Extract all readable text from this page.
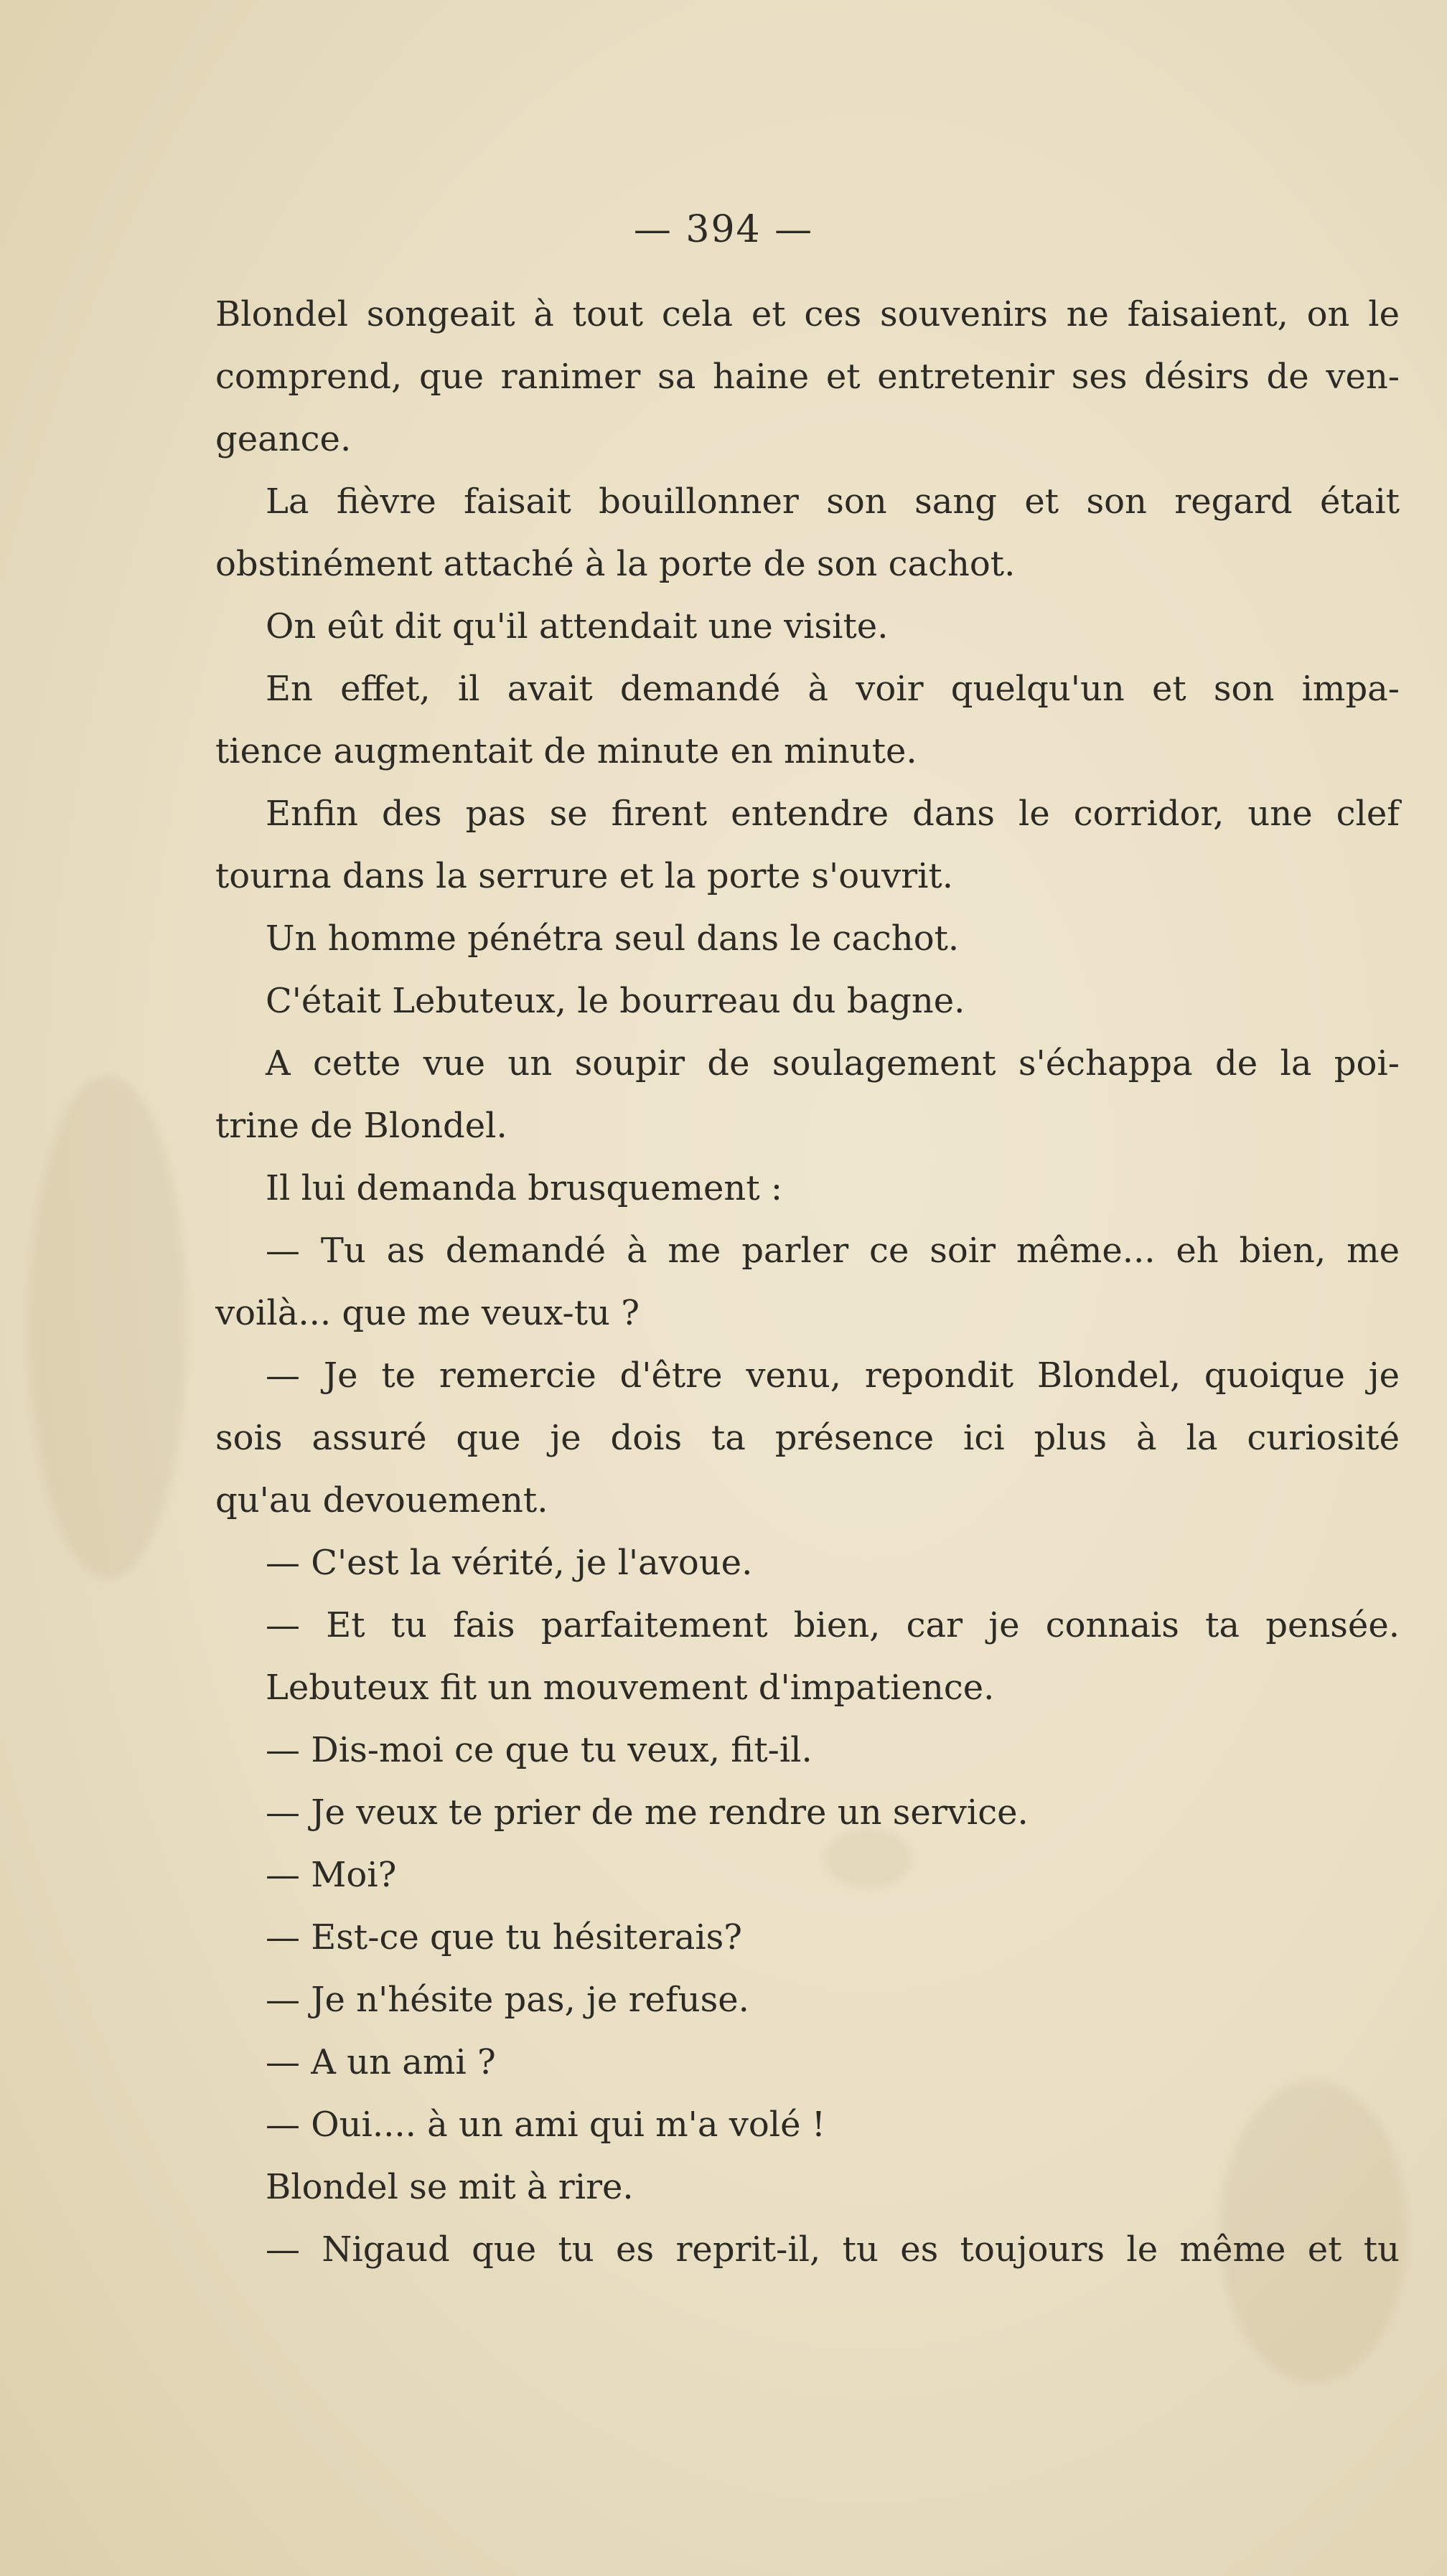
— 394 —
Blondel songeait à tout cela et ces souvenirs ne faisaient, on le
comprend, que ranimer sa haine et entretenir ses désirs de ven-
geance.
La fièvre faisait bouillonner son sang et son regard était
obstinément attaché à la porte de son cachot.
On eût dit qu'il attendait une visite.
En effet, il avait demandé à voir quelqu'un et son impa-
tience augmentait de minute en minute.
Enfin des pas se firent entendre dans le corridor, une clef
tourna dans la serrure et la porte s'ouvrit.
Un homme pénétra seul dans le cachot.
C'était Lebuteux, le bourreau du bagne.
A cette vue un soupir de soulagement s'échappa de la poi-
trine de Blondel.
Il lui demanda brusquement :
— Tu as demandé à me parler ce soir même... eh bien, me
voilà... que me veux-tu ?
— Je te remercie d'être venu, repondit Blondel, quoique je
sois assuré que je dois ta présence ici plus à la curiosité
qu'au devouement.
— C'est la vérité, je l'avoue.
— Et tu fais parfaitement bien, car je connais ta pensée.
Lebuteux fit un mouvement d'impatience.
— Dis-moi ce que tu veux, fit-il.
— Je veux te prier de me rendre un service.
— Moi?
— Est-ce que tu hésiterais?
— Je n'hésite pas, je refuse.
— A un ami ?
— Oui.... à un ami qui m'a volé !
Blondel se mit à rire.
— Nigaud que tu es reprit-il, tu es toujours le même et tu
